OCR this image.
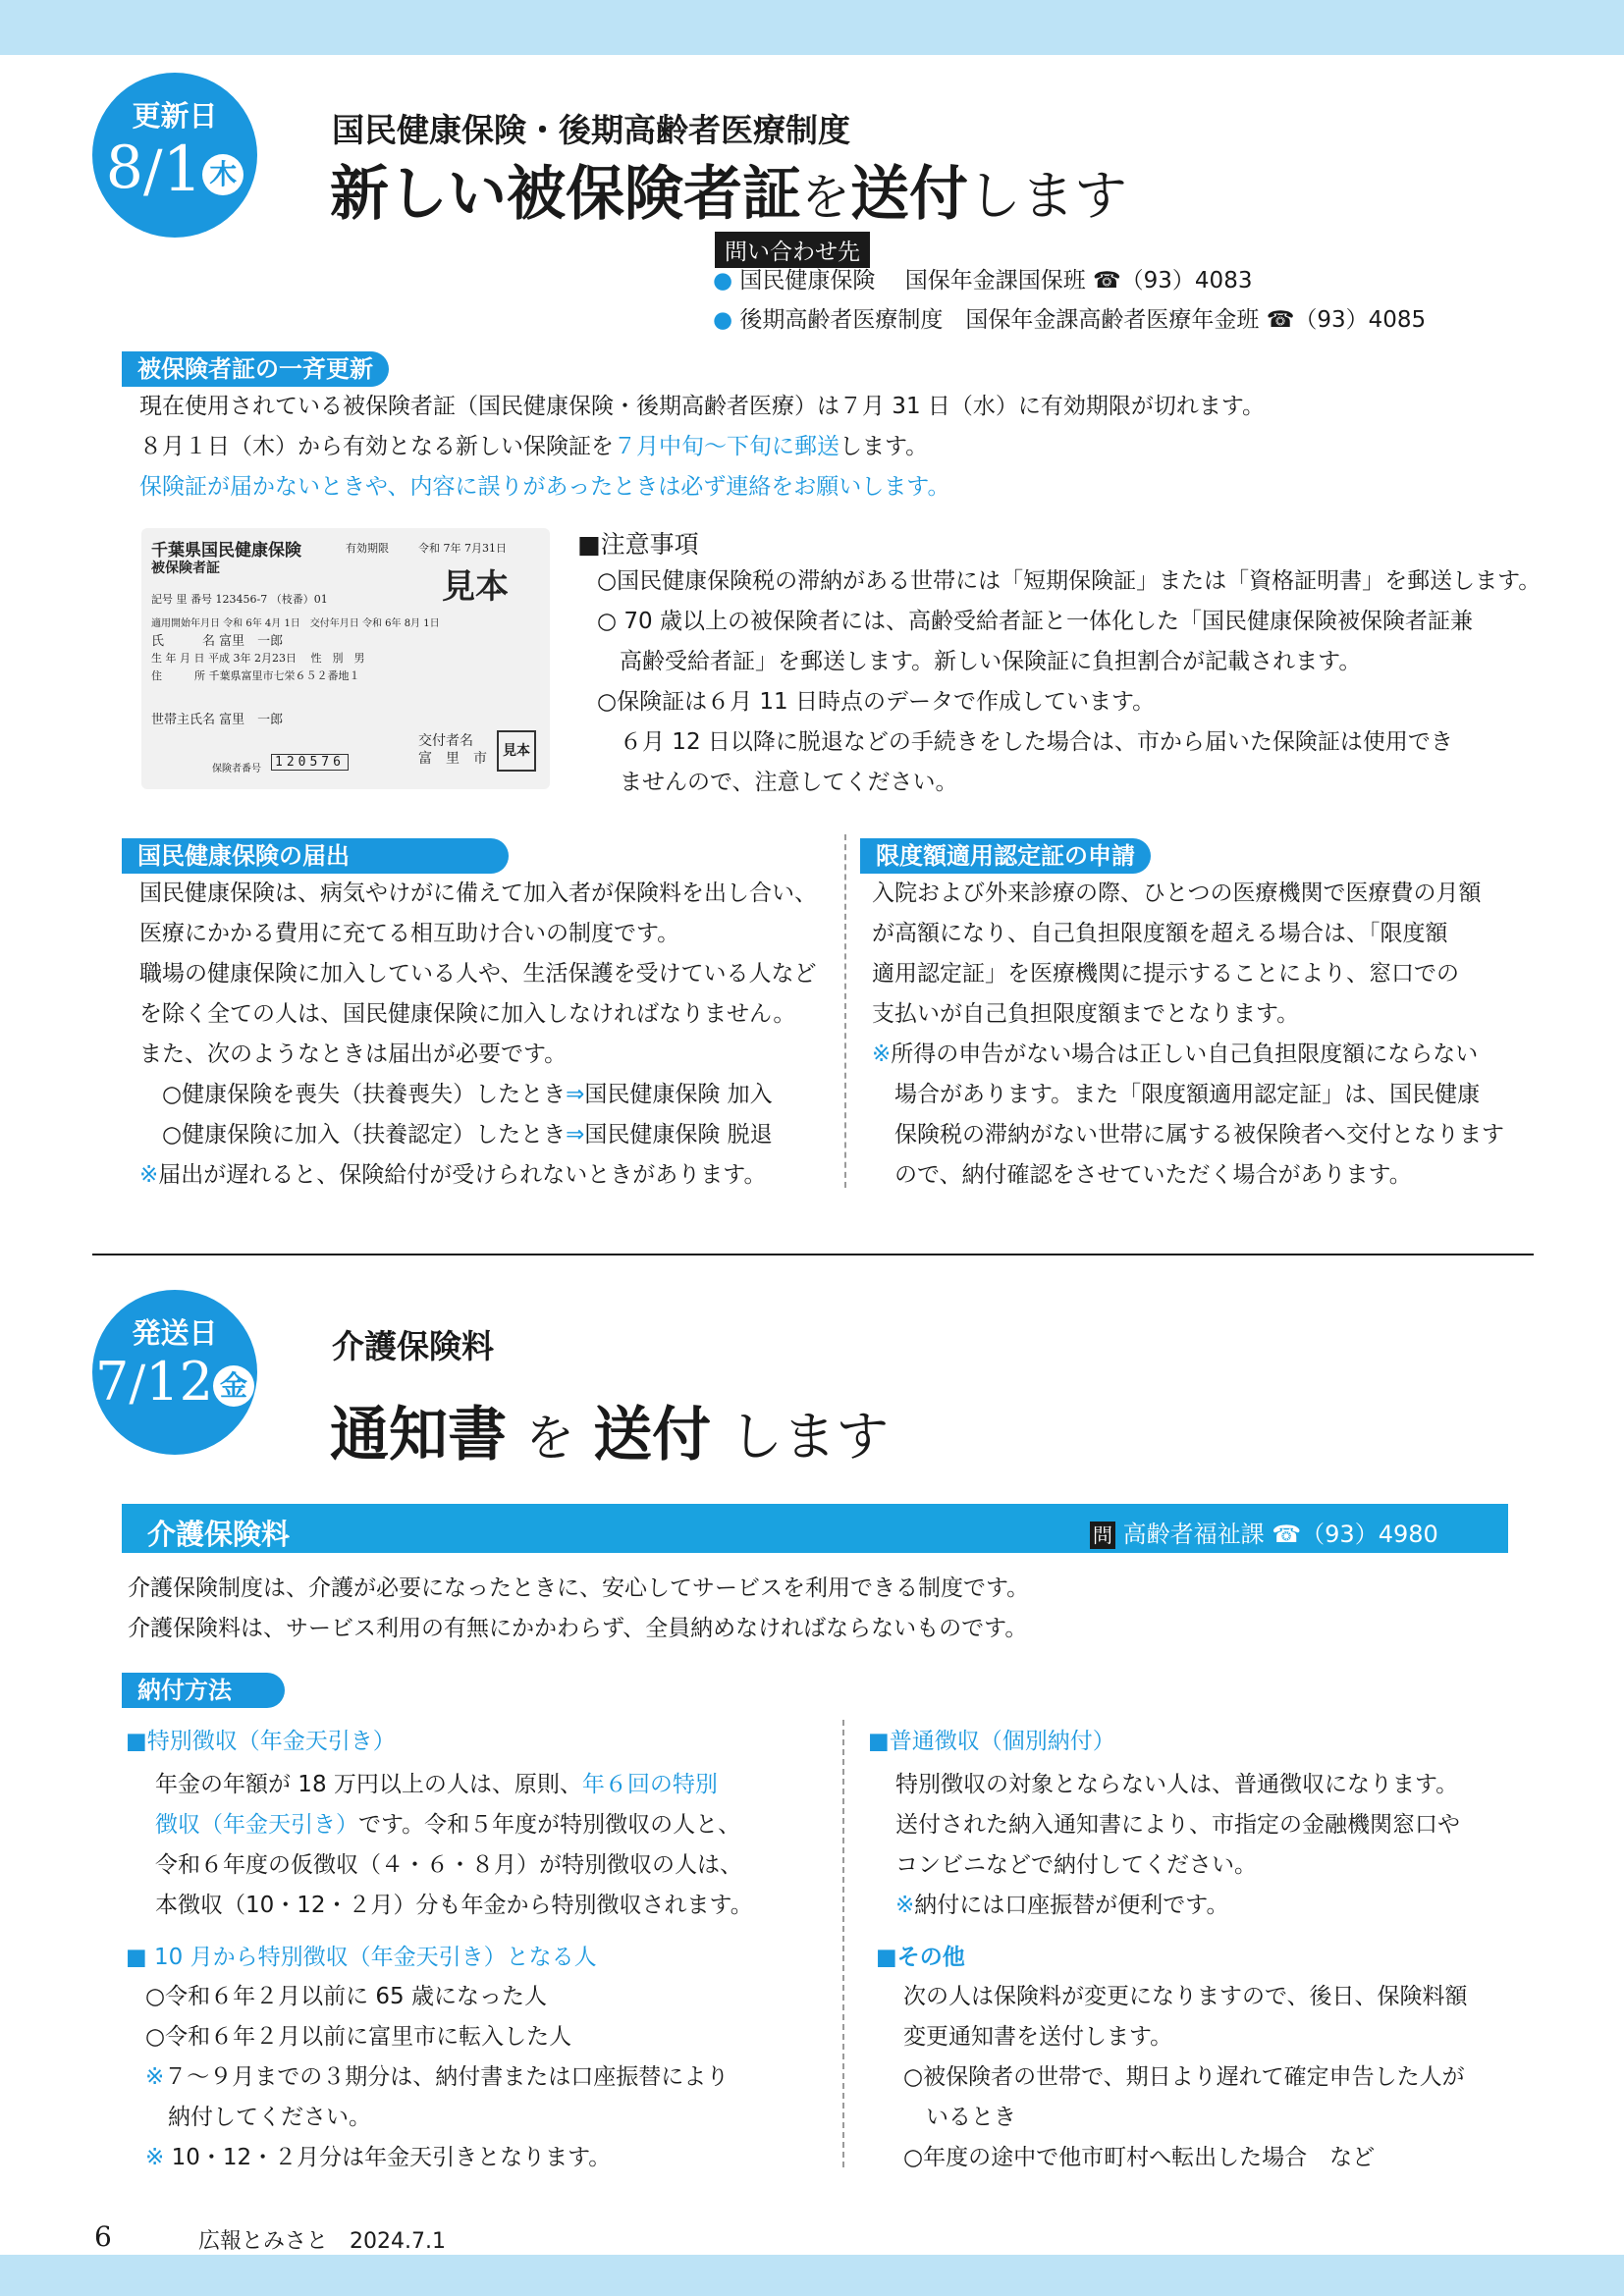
更新日
$^8$/1 木
国民健康保険・後期高齢者医療制度
新しい被保険者証を送付します
問い合わせ先
● 国民健康保険　 国保年金課国保班 ☎（93）4083
● 後期高齢者医療制度　国保年金課高齢者医療年金班 ☎（93）4085
被保険者証の一斉更新
現在使用されている被保険者証（国民健康保険・後期高齢者医療）は７月 31 日（水）に有効期限が切れます。
８月１日（木）から有効となる新しい保険証を７月中旬～下旬に郵送します。
保険証が届かないときや、内容に誤りがあったときは必ず連絡をお願いします。
千葉県国民健康保険	有効期限	令和 7年 7月31日
被保険者証	見本
記号 里 番号 123456-7 （枝番）01
適用開始年月日 令和 6年 4月 1日　交付年月日 令和 6年 8月 1日
氏　　　名 富里　一郎
生 年 月 日 平成 3年 2月23日　 性　別　男
住　　　所 千葉県富里市七栄６５２番地１
世帯主氏名 富里　一郎
交付者名
富　里　市	見本
保険者番号	120576
■注意事項
○国民健康保険税の滞納がある世帯には「短期保険証」または「資格証明書」を郵送します。
○ 70 歳以上の被保険者には、高齢受給者証と一体化した「国民健康保険被保険者証兼
　高齢受給者証」を郵送します。新しい保険証に負担割合が記載されます。
○保険証は６月 11 日時点のデータで作成しています。
　６月 12 日以降に脱退などの手続きをした場合は、市から届いた保険証は使用でき
　ませんので、注意してください。
国民健康保険の届出
国民健康保険は、病気やけがに備えて加入者が保険料を出し合い、
医療にかかる費用に充てる相互助け合いの制度です。
職場の健康保険に加入している人や、生活保護を受けている人など
を除く全ての人は、国民健康保険に加入しなければなりません。
また、次のようなときは届出が必要です。
　○健康保険を喪失（扶養喪失）したとき⇒国民健康保険 加入
　○健康保険に加入（扶養認定）したとき⇒国民健康保険 脱退
※届出が遅れると、保険給付が受けられないときがあります。
限度額適用認定証の申請
入院および外来診療の際、ひとつの医療機関で医療費の月額
が高額になり、自己負担限度額を超える場合は、「限度額
適用認定証」を医療機関に提示することにより、窓口での
支払いが自己負担限度額までとなります。
※所得の申告がない場合は正しい自己負担限度額にならない
　場合があります。また「限度額適用認定証」は、国民健康
　保険税の滞納がない世帯に属する被保険者へ交付となります
　ので、納付確認をさせていただく場合があります。
発送日
$^7$/12 金
介護保険料
通知書 を 送付 します
介護保険料	問 高齢者福祉課 ☎（93）4980
介護保険制度は、介護が必要になったときに、安心してサービスを利用できる制度です。
介護保険料は、サービス利用の有無にかかわらず、全員納めなければならないものです。
納付方法
■特別徴収（年金天引き）
年金の年額が 18 万円以上の人は、原則、年６回の特別
徴収（年金天引き）です。令和５年度が特別徴収の人と、
令和６年度の仮徴収（４・６・８月）が特別徴収の人は、
本徴収（10・12・２月）分も年金から特別徴収されます。
■ 10 月から特別徴収（年金天引き）となる人
○令和６年２月以前に 65 歳になった人
○令和６年２月以前に富里市に転入した人
※７～９月までの３期分は、納付書または口座振替により
　納付してください。
※ 10・12・２月分は年金天引きとなります。
■普通徴収（個別納付）
特別徴収の対象とならない人は、普通徴収になります。
送付された納入通知書により、市指定の金融機関窓口や
コンビニなどで納付してください。
※納付には口座振替が便利です。
■その他
次の人は保険料が変更になりますので、後日、保険料額
変更通知書を送付します。
○被保険者の世帯で、期日より遅れて確定申告した人が
　いるとき
○年度の途中で他市町村へ転出した場合　など
6	広報とみさと　2024.7.1
